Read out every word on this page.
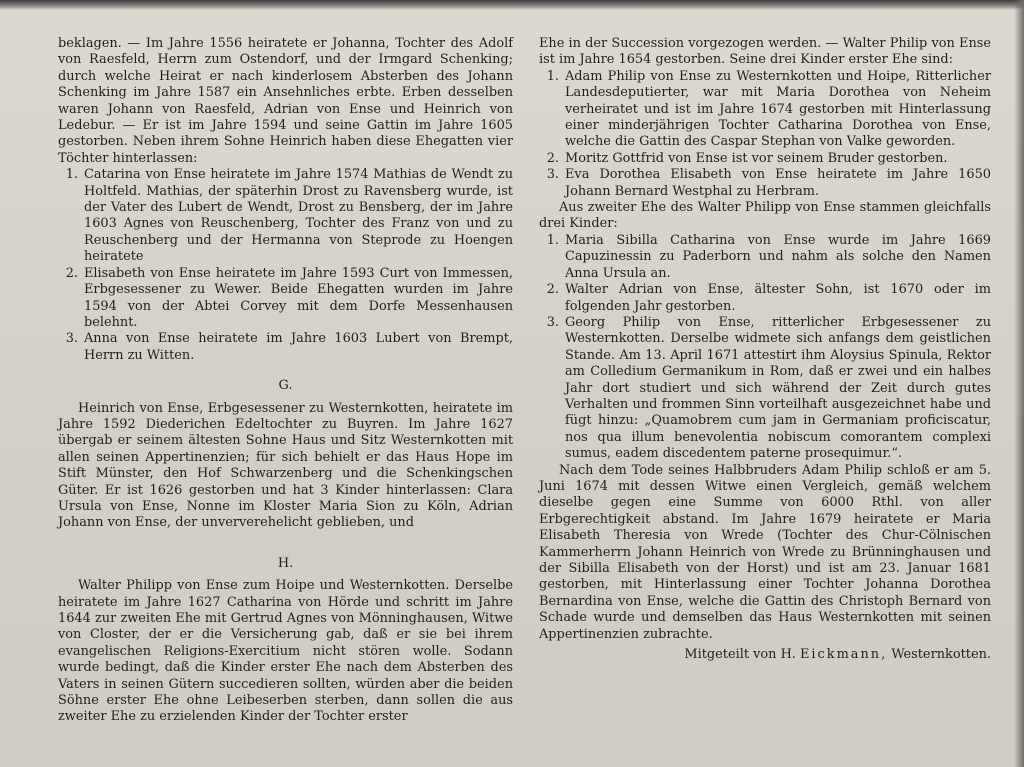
beklagen. — Im Jahre 1556 heiratete er Johanna, Tochter des Adolf von Raesfeld, Herrn zum Ostendorf, und der Irmgard Schenking; durch welche Heirat er nach kinderlosem Absterben des Johann Schenking im Jahre 1587 ein Ansehnliches erbte. Erben desselben waren Johann von Raesfeld, Adrian von Ense und Heinrich von Ledebur. — Er ist im Jahre 1594 und seine Gattin im Jahre 1605 gestorben. Neben ihrem Sohne Heinrich haben diese Ehegatten vier Töchter hinterlassen:

1. Catarina von Ense heiratete im Jahre 1574 Mathias de Wendt zu Holtfeld. Mathias, der späterhin Drost zu Ravensberg wurde, ist der Vater des Lubert de Wendt, Drost zu Bensberg, der im Jahre 1603 Agnes von Reuschenberg, Tochter des Franz von und zu Reuschenberg und der Hermanna von Steprode zu Hoengen heiratete
2. Elisabeth von Ense heiratete im Jahre 1593 Curt von Immessen, Erbgesessener zu Wewer. Beide Ehegatten wurden im Jahre 1594 von der Abtei Corvey mit dem Dorfe Messenhausen belehnt.
3. Anna von Ense heiratete im Jahre 1603 Lubert von Brempt, Herrn zu Witten.

G.

Heinrich von Ense, Erbgesessener zu Westernkotten, heiratete im Jahre 1592 Diederichen Edeltochter zu Buyren. Im Jahre 1627 übergab er seinem ältesten Sohne Haus und Sitz Westernkotten mit allen seinen Appertinenzien; für sich behielt er das Haus Hope im Stift Münster, den Hof Schwarzenberg und die Schenkingschen Güter. Er ist 1626 gestorben und hat 3 Kinder hinterlassen: Clara Ursula von Ense, Nonne im Kloster Maria Sion zu Köln, Adrian Johann von Ense, der unververehelicht geblieben, und

H.

Walter Philipp von Ense zum Hoipe und Westernkotten. Derselbe heiratete im Jahre 1627 Catharina von Hörde und schritt im Jahre 1644 zur zweiten Ehe mit Gertrud Agnes von Mönninghausen, Witwe von Closter, der er die Versicherung gab, daß er sie bei ihrem evangelischen Religions-Exercitium nicht stören wolle. Sodann wurde bedingt, daß die Kinder erster Ehe nach dem Absterben des Vaters in seinen Gütern succedieren sollten, würden aber die beiden Söhne erster Ehe ohne Leibeserben sterben, dann sollen die aus zweiter Ehe zu erzielenden Kinder der Tochter erster

Ehe in der Succession vorgezogen werden. — Walter Philip von Ense ist im Jahre 1654 gestorben. Seine drei Kinder erster Ehe sind:

1. Adam Philip von Ense zu Westernkotten und Hoipe, Ritterlicher Landesdeputierter, war mit Maria Dorothea von Neheim verheiratet und ist im Jahre 1674 gestorben mit Hinterlassung einer minderjährigen Tochter Catharina Dorothea von Ense, welche die Gattin des Caspar Stephan von Valke geworden.
2. Moritz Gottfrid von Ense ist vor seinem Bruder gestorben.
3. Eva Dorothea Elisabeth von Ense heiratete im Jahre 1650 Johann Bernard Westphal zu Herbram.

Aus zweiter Ehe des Walter Philipp von Ense stammen gleichfalls drei Kinder:

1. Maria Sibilla Catharina von Ense wurde im Jahre 1669 Capuzinessin zu Paderborn und nahm als solche den Namen Anna Ursula an.
2. Walter Adrian von Ense, ältester Sohn, ist 1670 oder im folgenden Jahr gestorben.
3. Georg Philip von Ense, ritterlicher Erbgesessener zu Westernkotten. Derselbe widmete sich anfangs dem geistlichen Stande. Am 13. April 1671 attestirt ihm Aloysius Spinula, Rektor am Colledium Germanikum in Rom, daß er zwei und ein halbes Jahr dort studiert und sich während der Zeit durch gutes Verhalten und frommen Sinn vorteilhaft ausgezeichnet habe und fügt hinzu: „Quamobrem cum jam in Germaniam proficiscatur, nos qua illum benevolentia nobiscum comorantem complexi sumus, eadem discedentem paterne prosequimur.“.

Nach dem Tode seines Halbbruders Adam Philip schloß er am 5. Juni 1674 mit dessen Witwe einen Vergleich, gemäß welchem dieselbe gegen eine Summe von 6000 Rthl. von aller Erbgerechtigkeit abstand. Im Jahre 1679 heiratete er Maria Elisabeth Theresia von Wrede (Tochter des Chur-Cölnischen Kammerherrn Johann Heinrich von Wrede zu Brünninghausen und der Sibilla Elisabeth von der Horst) und ist am 23. Januar 1681 gestorben, mit Hinterlassung einer Tochter Johanna Dorothea Bernardina von Ense, welche die Gattin des Christoph Bernard von Schade wurde und demselben das Haus Westernkotten mit seinen Appertinenzien zubrachte.

Mitgeteilt von H. Eickmann, Westernkotten.
